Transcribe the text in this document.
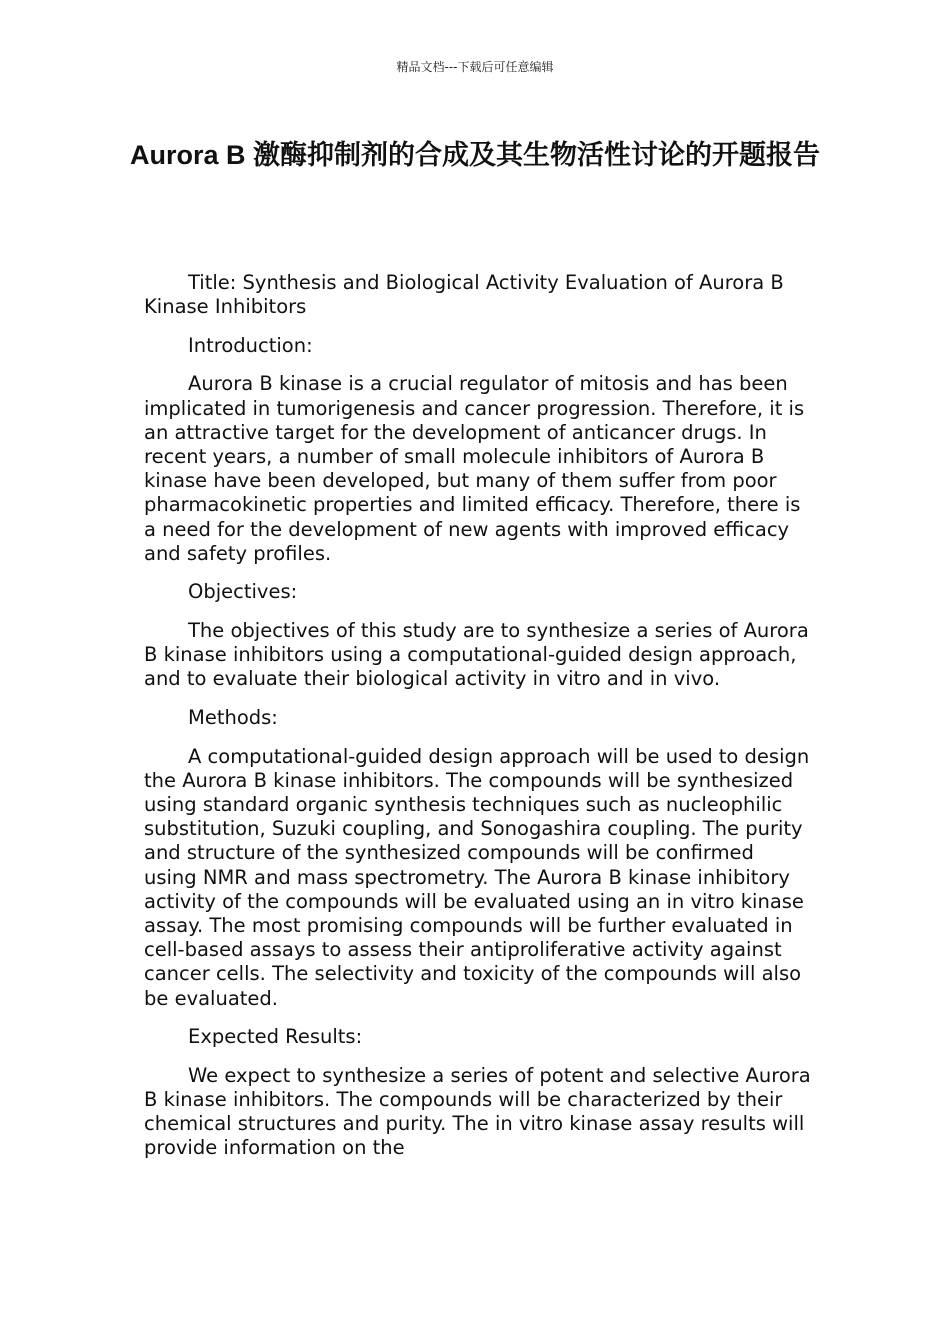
精品文档---下载后可任意编辑
Aurora B 激酶抑制剂的合成及其生物活性讨论的开题报告

Title: Synthesis and Biological Activity Evaluation of Aurora B Kinase Inhibitors

Introduction:

Aurora B kinase is a crucial regulator of mitosis and has been implicated in tumorigenesis and cancer progression. Therefore, it is an attractive target for the development of anticancer drugs. In recent years, a number of small molecule inhibitors of Aurora B kinase have been developed, but many of them suffer from poor pharmacokinetic properties and limited efficacy. Therefore, there is a need for the development of new agents with improved efficacy and safety profiles.

Objectives:

The objectives of this study are to synthesize a series of Aurora B kinase inhibitors using a computational-guided design approach, and to evaluate their biological activity in vitro and in vivo.

Methods:

A computational-guided design approach will be used to design the Aurora B kinase inhibitors. The compounds will be synthesized using standard organic synthesis techniques such as nucleophilic substitution, Suzuki coupling, and Sonogashira coupling. The purity and structure of the synthesized compounds will be confirmed using NMR and mass spectrometry. The Aurora B kinase inhibitory activity of the compounds will be evaluated using an in vitro kinase assay. The most promising compounds will be further evaluated in cell-based assays to assess their antiproliferative activity against cancer cells. The selectivity and toxicity of the compounds will also be evaluated.

Expected Results:

We expect to synthesize a series of potent and selective Aurora B kinase inhibitors. The compounds will be characterized by their chemical structures and purity. The in vitro kinase assay results will provide information on the
